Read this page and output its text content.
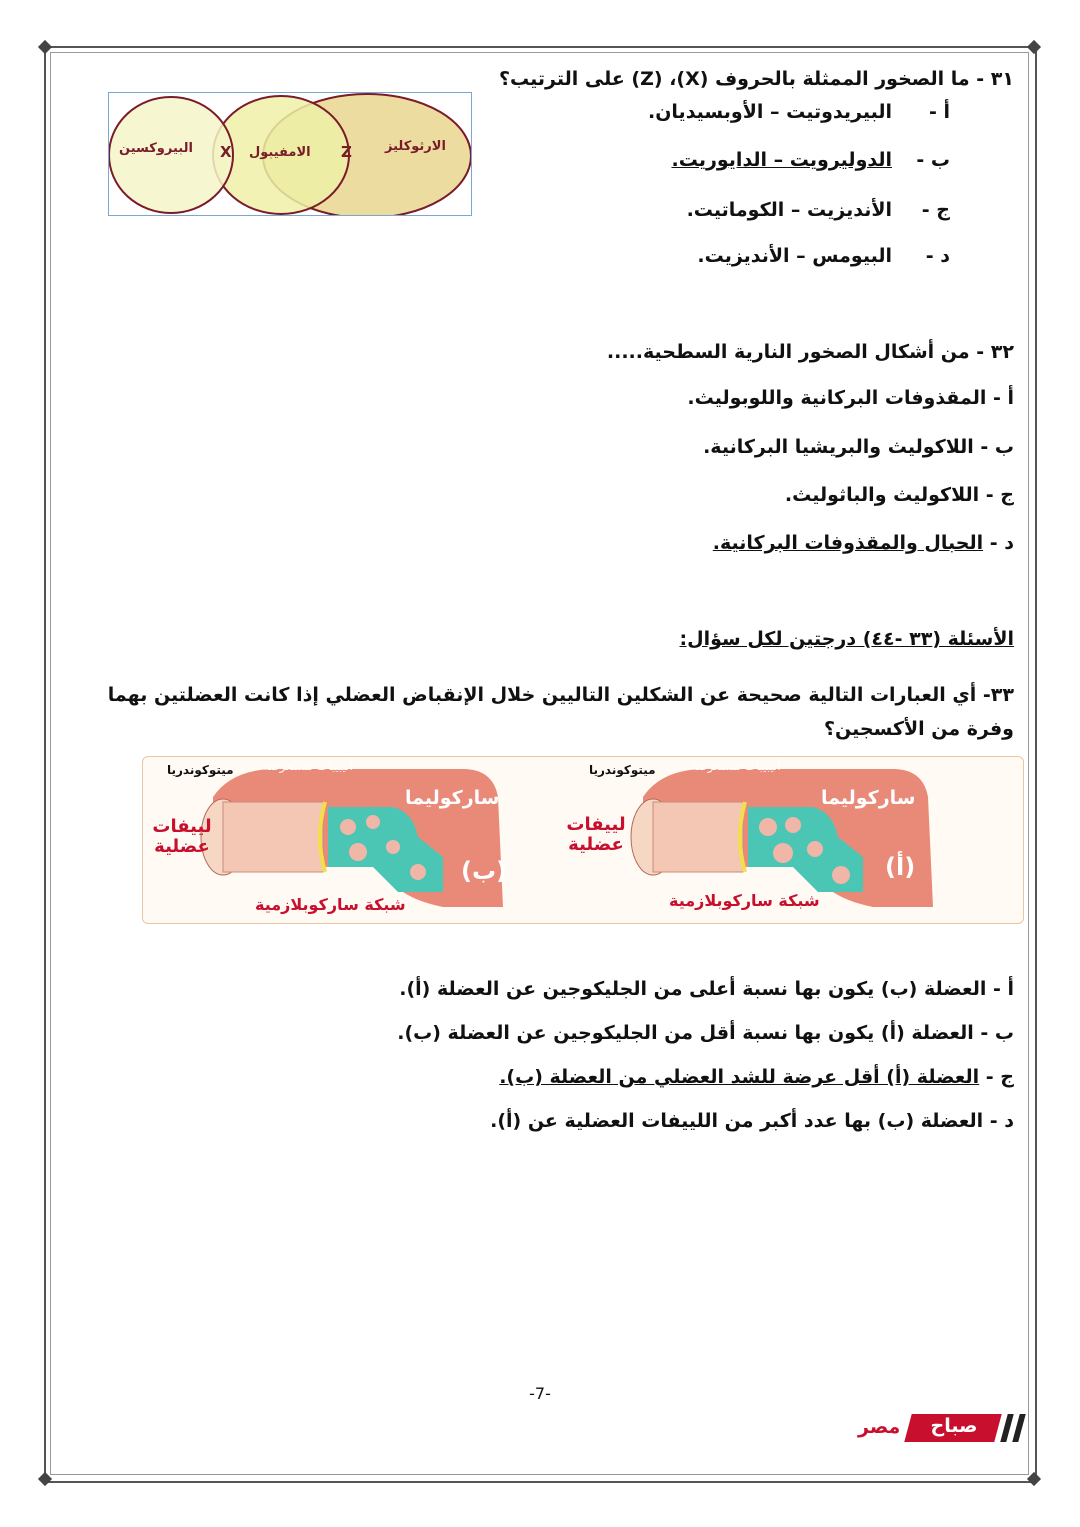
٣١ - ما الصخور الممثلة بالحروف (X)، (Z) على الترتيب؟
أ -البيريدوتيت – الأوبسيديان.
ب -الدوليرويت – الدايوريت.
ج -الأنديزيت – الكوماتيت.
د -البيومس – الأنديزيت.
البيروكسين	الامفيبول	الارثوكليز
X	Z
٣٢ - من أشكال الصخور النارية السطحية.....
أ - المقذوفات البركانية واللوبوليث.
ب - اللاكوليث والبريشيا البركانية.
ج - اللاكوليث والباثوليث.
د - الحبال والمقذوفات البركانية.
الأسئلة (٣٣ -٤٤) درجتين لكل سؤال:
٣٣- أي العبارات التالية صحيحة عن الشكلين التاليين خلال الإنقباض العضلي إذا كانت العضلتين بهما وفرة من الأكسجين؟
ميتوكوندريا أنيبيبات مستعرضة
ساركوليما
لييفات عضلية
شبكة ساركوبلازمية
(ب)
ميتوكوندريا	أنيبيبات مستعرضة
ساركوليما
لييفات عضلية
شبكة ساركوبلازمية
(أ)
أ - العضلة (ب) يكون بها نسبة أعلى من الجليكوجين عن العضلة (أ).
ب - العضلة (أ) يكون بها نسبة أقل من الجليكوجين عن العضلة (ب).
ج - العضلة (أ) أقل عرضة للشد العضلي من العضلة (ب).
د - العضلة (ب) بها عدد أكبر من اللييفات العضلية عن (أ).
-7-
مصر	صباح
